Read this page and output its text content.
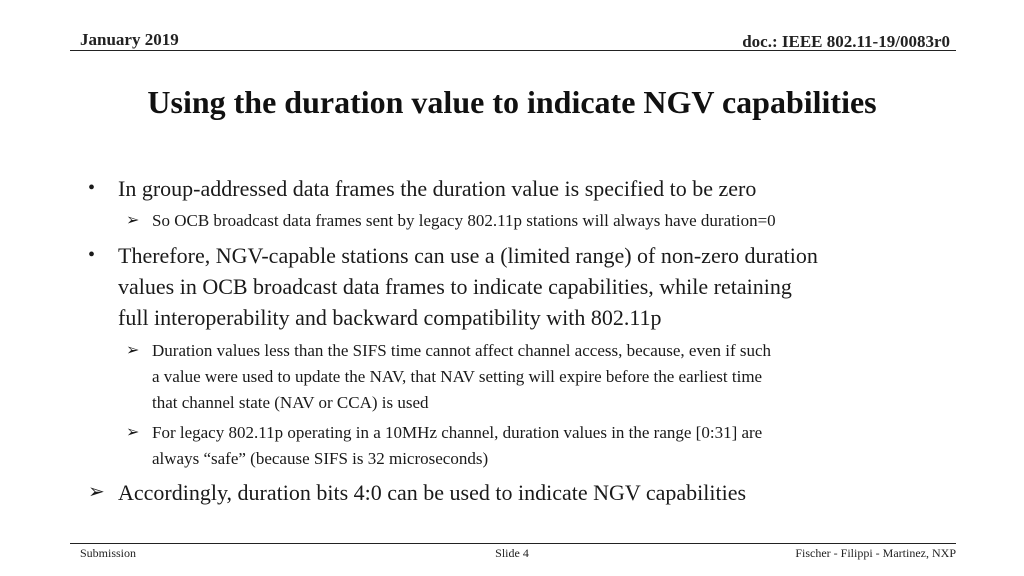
January 2019	doc.: IEEE 802.11-19/0083r0
Using the duration value to indicate NGV capabilities
• In group-addressed data frames the duration value is specified to be zero
➢ So OCB broadcast data frames sent by legacy 802.11p stations will always have duration=0
• Therefore, NGV-capable stations can use a (limited range) of non-zero duration
values in OCB broadcast data frames to indicate capabilities, while retaining
full interoperability and backward compatibility with 802.11p
➢ Duration values less than the SIFS time cannot affect channel access, because, even if such
a value were used to update the NAV, that NAV setting will expire before the earliest time
that channel state (NAV or CCA) is used
➢ For legacy 802.11p operating in a 10MHz channel, duration values in the range [0:31] are
always “safe” (because SIFS is 32 microseconds)
➢ Accordingly, duration bits 4:0 can be used to indicate NGV capabilities
Submission	Slide 4	Fischer - Filippi - Martinez, NXP
